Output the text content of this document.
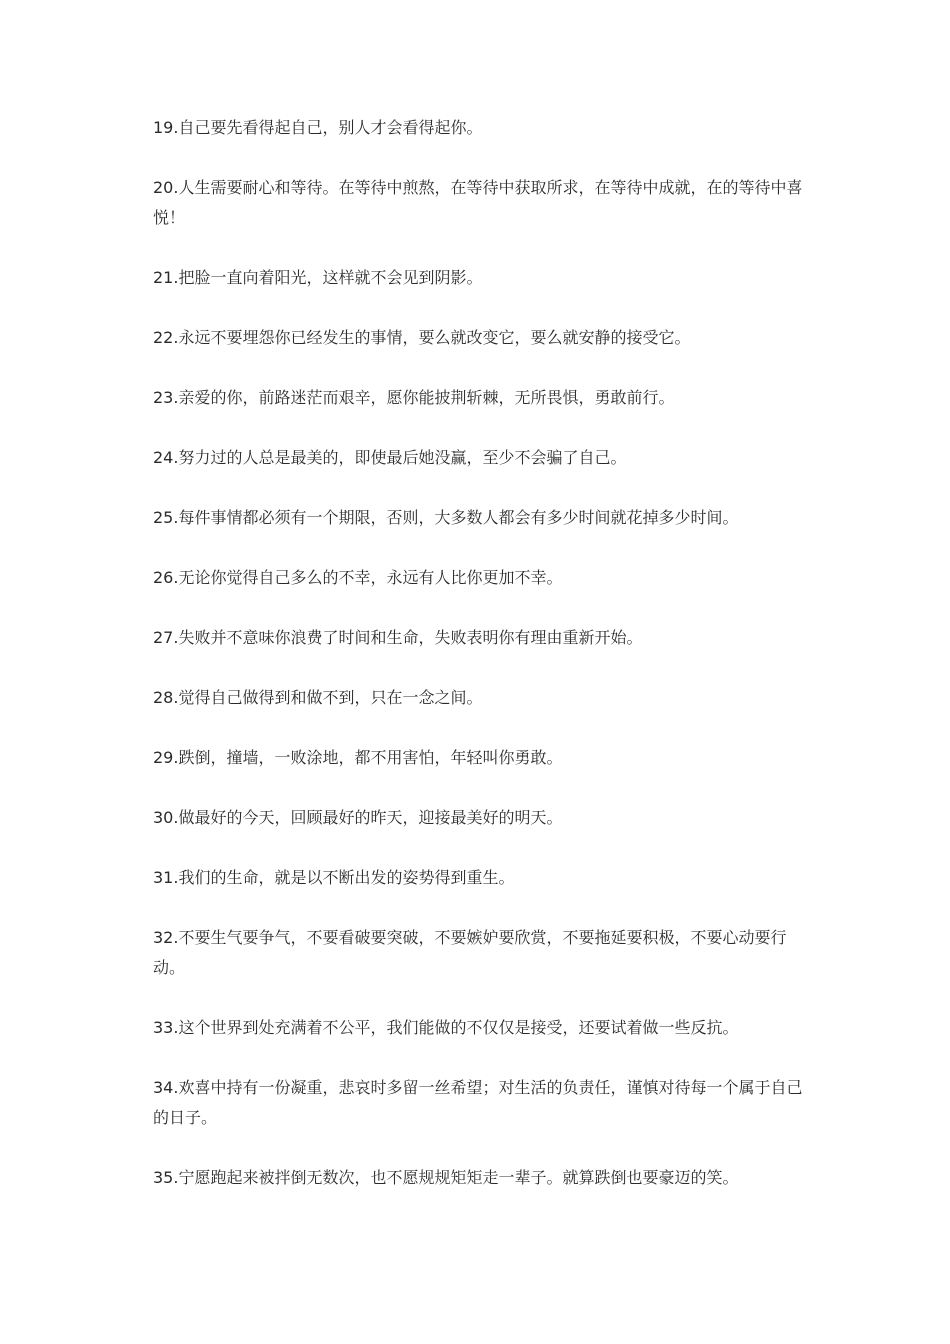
19.自己要先看得起自己，别人才会看得起你。

20.人生需要耐心和等待。在等待中煎熬，在等待中获取所求，在等待中成就，在的等待中喜悦！

21.把脸一直向着阳光，这样就不会见到阴影。

22.永远不要埋怨你已经发生的事情，要么就改变它，要么就安静的接受它。

23.亲爱的你，前路迷茫而艰辛，愿你能披荆斩棘，无所畏惧，勇敢前行。

24.努力过的人总是最美的，即使最后她没赢，至少不会骗了自己。

25.每件事情都必须有一个期限，否则，大多数人都会有多少时间就花掉多少时间。

26.无论你觉得自己多么的不幸，永远有人比你更加不幸。

27.失败并不意味你浪费了时间和生命，失败表明你有理由重新开始。

28.觉得自己做得到和做不到，只在一念之间。

29.跌倒，撞墙，一败涂地，都不用害怕，年轻叫你勇敢。

30.做最好的今天，回顾最好的昨天，迎接最美好的明天。

31.我们的生命，就是以不断出发的姿势得到重生。

32.不要生气要争气，不要看破要突破，不要嫉妒要欣赏，不要拖延要积极，不要心动要行动。

33.这个世界到处充满着不公平，我们能做的不仅仅是接受，还要试着做一些反抗。

34.欢喜中持有一份凝重，悲哀时多留一丝希望；对生活的负责任，谨慎对待每一个属于自己的日子。

35.宁愿跑起来被拌倒无数次，也不愿规规矩矩走一辈子。就算跌倒也要豪迈的笑。
